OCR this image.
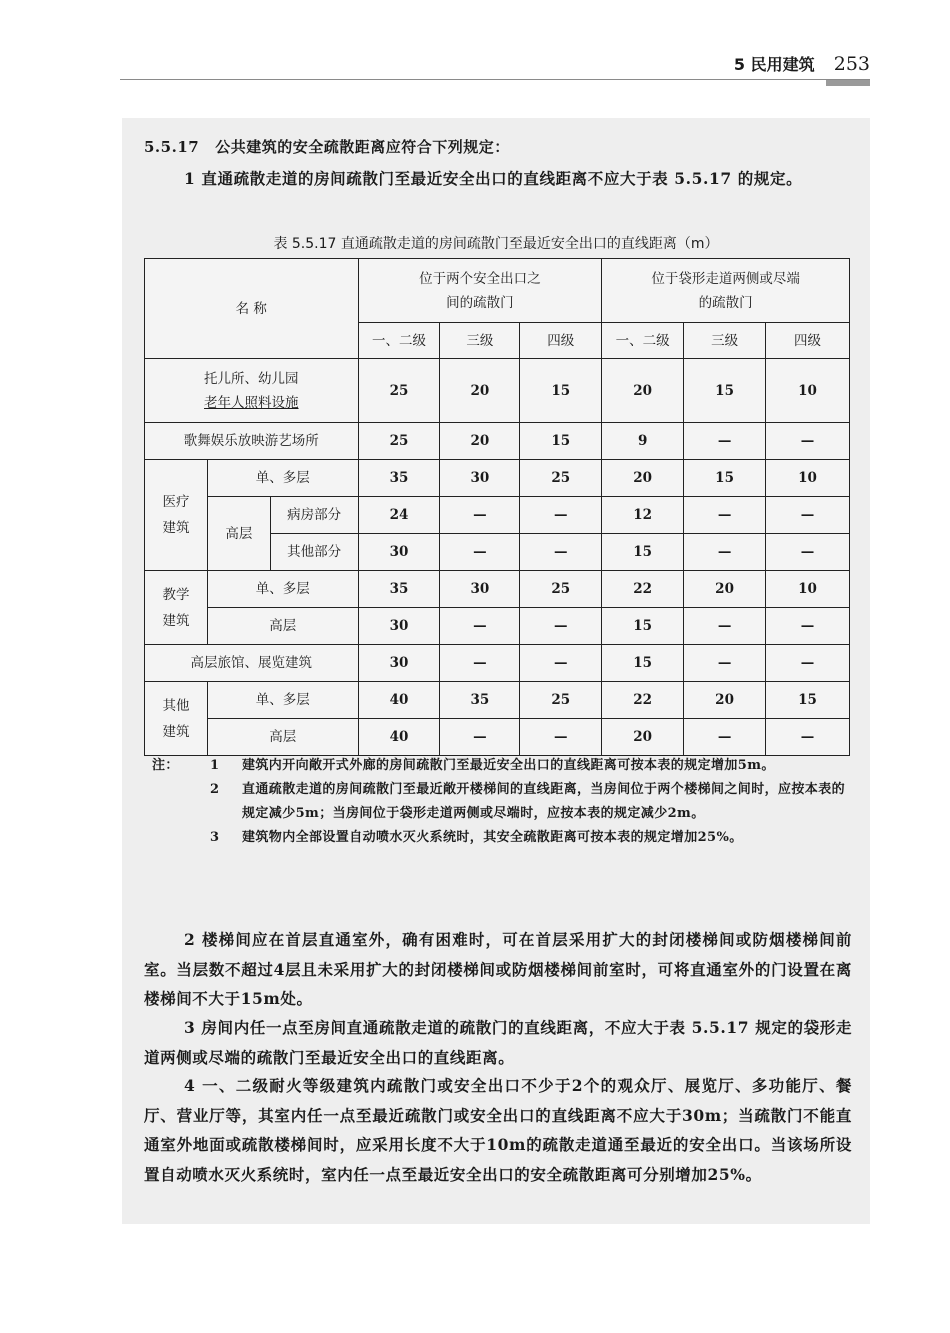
5 民用建筑 253
5.5.17 公共建筑的安全疏散距离应符合下列规定：
1 直通疏散走道的房间疏散门至最近安全出口的直线距离不应大于表 5.5.17 的规定。
表 5.5.17 直通疏散走道的房间疏散门至最近安全出口的直线距离（m）
名 称			位于两个安全出口之间的疏散门			位于袋形走道两侧或尽端的疏散门		
			一、二级	三级	四级	一、二级	三级	四级

托儿所、幼儿园
老年人照料设施			25	20	15	20	15	10
歌舞娱乐放映游艺场所			25	20	15	9	—	—

医疗建筑	单、多层		35	30	25	20	15	10
	高层	病房部分	24	—	—	12	—	—
		其他部分	30	—	—	15	—	—

教学建筑	单、多层		35	30	25	22	20	10
	高层		30	—	—	15	—	—
高层旅馆、展览建筑			30	—	—	15	—	—

其他建筑	单、多层		40	35	25	22	20	15
	高层		40	—	—	20	—	—
注： 1 建筑内开向敞开式外廊的房间疏散门至最近安全出口的直线距离可按本表的规定增加5m。
2 直通疏散走道的房间疏散门至最近敞开楼梯间的直线距离，当房间位于两个楼梯间之间时，应按本表的规定减少5m；当房间位于袋形走道两侧或尽端时，应按本表的规定减少2m。
3 建筑物内全部设置自动喷水灭火系统时，其安全疏散距离可按本表的规定增加25%。
2 楼梯间应在首层直通室外，确有困难时，可在首层采用扩大的封闭楼梯间或防烟楼梯间前室。当层数不超过4层且未采用扩大的封闭楼梯间或防烟楼梯间前室时，可将直通室外的门设置在离楼梯间不大于15m处。
3 房间内任一点至房间直通疏散走道的疏散门的直线距离，不应大于表 5.5.17 规定的袋形走道两侧或尽端的疏散门至最近安全出口的直线距离。
4 一、二级耐火等级建筑内疏散门或安全出口不少于2个的观众厅、展览厅、多功能厅、餐厅、营业厅等，其室内任一点至最近疏散门或安全出口的直线距离不应大于30m；当疏散门不能直通室外地面或疏散楼梯间时，应采用长度不大于10m的疏散走道通至最近的安全出口。当该场所设置自动喷水灭火系统时，室内任一点至最近安全出口的安全疏散距离可分别增加25%。
